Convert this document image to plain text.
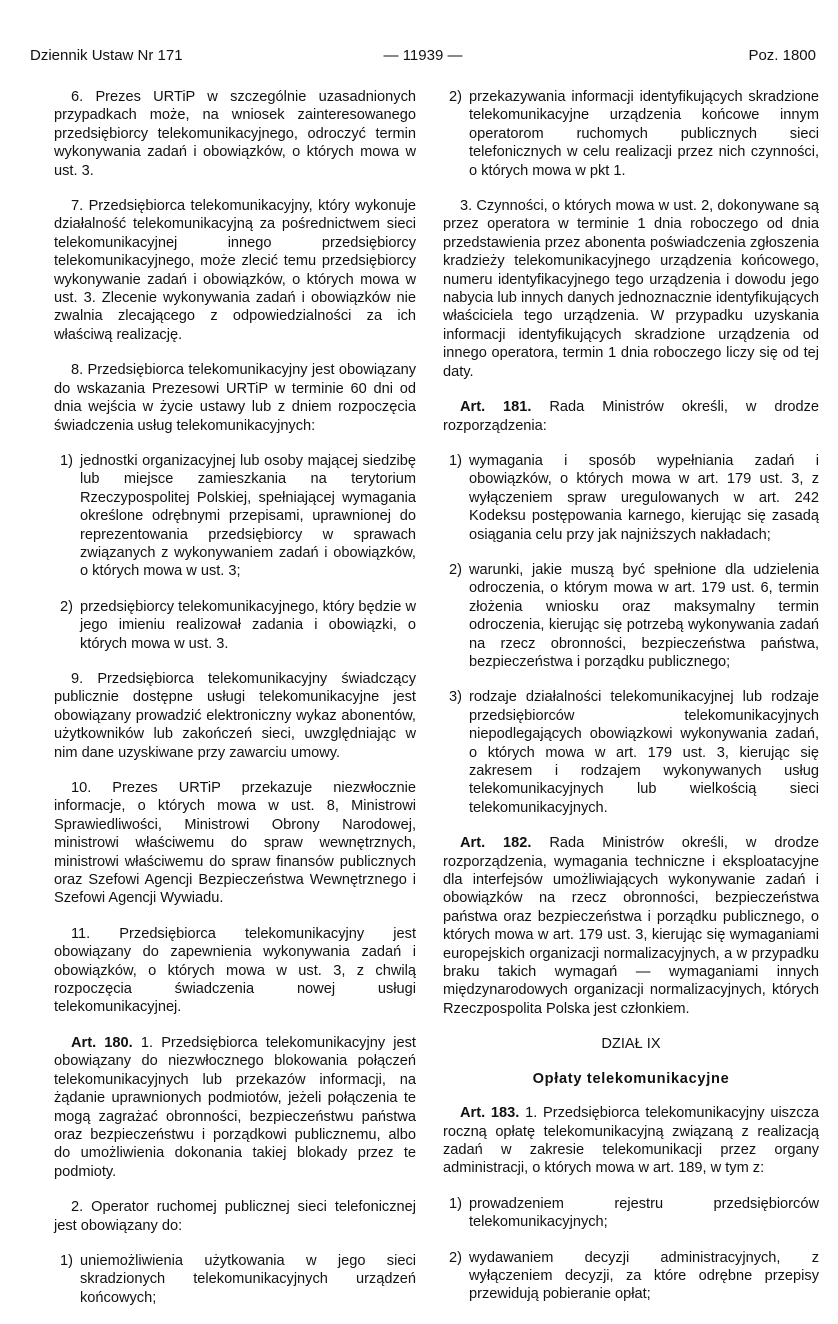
Dziennik Ustaw Nr 171	— 11939 —	Poz. 1800

6. Prezes URTiP w szczególnie uzasadnionych przypadkach może, na wniosek zainteresowanego przedsiębiorcy telekomunikacyjnego, odroczyć termin wykonywania zadań i obowiązków, o których mowa w ust. 3.

7. Przedsiębiorca telekomunikacyjny, który wykonuje działalność telekomunikacyjną za pośrednictwem sieci telekomunikacyjnej innego przedsiębiorcy telekomunikacyjnego, może zlecić temu przedsiębiorcy wykonywanie zadań i obowiązków, o których mowa w ust. 3. Zlecenie wykonywania zadań i obowiązków nie zwalnia zlecającego z odpowiedzialności za ich właściwą realizację.

8. Przedsiębiorca telekomunikacyjny jest obowiązany do wskazania Prezesowi URTiP w terminie 60 dni od dnia wejścia w życie ustawy lub z dniem rozpoczęcia świadczenia usług telekomunikacyjnych:

1) jednostki organizacyjnej lub osoby mającej siedzibę lub miejsce zamieszkania na terytorium Rzeczypospolitej Polskiej, spełniającej wymagania określone odrębnymi przepisami, uprawnionej do reprezentowania przedsiębiorcy w sprawach związanych z wykonywaniem zadań i obowiązków, o których mowa w ust. 3;
2) przedsiębiorcy telekomunikacyjnego, który będzie w jego imieniu realizował zadania i obowiązki, o których mowa w ust. 3.

9. Przedsiębiorca telekomunikacyjny świadczący publicznie dostępne usługi telekomunikacyjne jest obowiązany prowadzić elektroniczny wykaz abonentów, użytkowników lub zakończeń sieci, uwzględniając w nim dane uzyskiwane przy zawarciu umowy.

10. Prezes URTiP przekazuje niezwłocznie informacje, o których mowa w ust. 8, Ministrowi Sprawiedliwości, Ministrowi Obrony Narodowej, ministrowi właściwemu do spraw wewnętrznych, ministrowi właściwemu do spraw finansów publicznych oraz Szefowi Agencji Bezpieczeństwa Wewnętrznego i Szefowi Agencji Wywiadu.

11. Przedsiębiorca telekomunikacyjny jest obowiązany do zapewnienia wykonywania zadań i obowiązków, o których mowa w ust. 3, z chwilą rozpoczęcia świadczenia nowej usługi telekomunikacyjnej.

Art. 180. 1. Przedsiębiorca telekomunikacyjny jest obowiązany do niezwłocznego blokowania połączeń telekomunikacyjnych lub przekazów informacji, na żądanie uprawnionych podmiotów, jeżeli połączenia te mogą zagrażać obronności, bezpieczeństwu państwa oraz bezpieczeństwu i porządkowi publicznemu, albo do umożliwienia dokonania takiej blokady przez te podmioty.

2. Operator ruchomej publicznej sieci telefonicznej jest obowiązany do:

1) uniemożliwienia użytkowania w jego sieci skradzionych telekomunikacyjnych urządzeń końcowych;
2) przekazywania informacji identyfikujących skradzione telekomunikacyjne urządzenia końcowe innym operatorom ruchomych publicznych sieci telefonicznych w celu realizacji przez nich czynności, o których mowa w pkt 1.

3. Czynności, o których mowa w ust. 2, dokonywane są przez operatora w terminie 1 dnia roboczego od dnia przedstawienia przez abonenta poświadczenia zgłoszenia kradzieży telekomunikacyjnego urządzenia końcowego, numeru identyfikacyjnego tego urządzenia i dowodu jego nabycia lub innych danych jednoznacznie identyfikujących właściciela tego urządzenia. W przypadku uzyskania informacji identyfikujących skradzione urządzenia od innego operatora, termin 1 dnia roboczego liczy się od tej daty.

Art. 181. Rada Ministrów określi, w drodze rozporządzenia:

1) wymagania i sposób wypełniania zadań i obowiązków, o których mowa w art. 179 ust. 3, z wyłączeniem spraw uregulowanych w art. 242 Kodeksu postępowania karnego, kierując się zasadą osiągania celu przy jak najniższych nakładach;
2) warunki, jakie muszą być spełnione dla udzielenia odroczenia, o którym mowa w art. 179 ust. 6, termin złożenia wniosku oraz maksymalny termin odroczenia, kierując się potrzebą wykonywania zadań na rzecz obronności, bezpieczeństwa państwa, bezpieczeństwa i porządku publicznego;
3) rodzaje działalności telekomunikacyjnej lub rodzaje przedsiębiorców telekomunikacyjnych niepodlegających obowiązkowi wykonywania zadań, o których mowa w art. 179 ust. 3, kierując się zakresem i rodzajem wykonywanych usług telekomunikacyjnych lub wielkością sieci telekomunikacyjnych.

Art. 182. Rada Ministrów określi, w drodze rozporządzenia, wymagania techniczne i eksploatacyjne dla interfejsów umożliwiających wykonywanie zadań i obowiązków na rzecz obronności, bezpieczeństwa państwa oraz bezpieczeństwa i porządku publicznego, o których mowa w art. 179 ust. 3, kierując się wymaganiami europejskich organizacji normalizacyjnych, a w przypadku braku takich wymagań — wymaganiami innych międzynarodowych organizacji normalizacyjnych, których Rzeczpospolita Polska jest członkiem.

DZIAŁ IX

Opłaty telekomunikacyjne

Art. 183. 1. Przedsiębiorca telekomunikacyjny uiszcza roczną opłatę telekomunikacyjną związaną z realizacją zadań w zakresie telekomunikacji przez organy administracji, o których mowa w art. 189, w tym z:

1) prowadzeniem rejestru przedsiębiorców telekomunikacyjnych;
2) wydawaniem decyzji administracyjnych, z wyłączeniem decyzji, za które odrębne przepisy przewidują pobieranie opłat;
